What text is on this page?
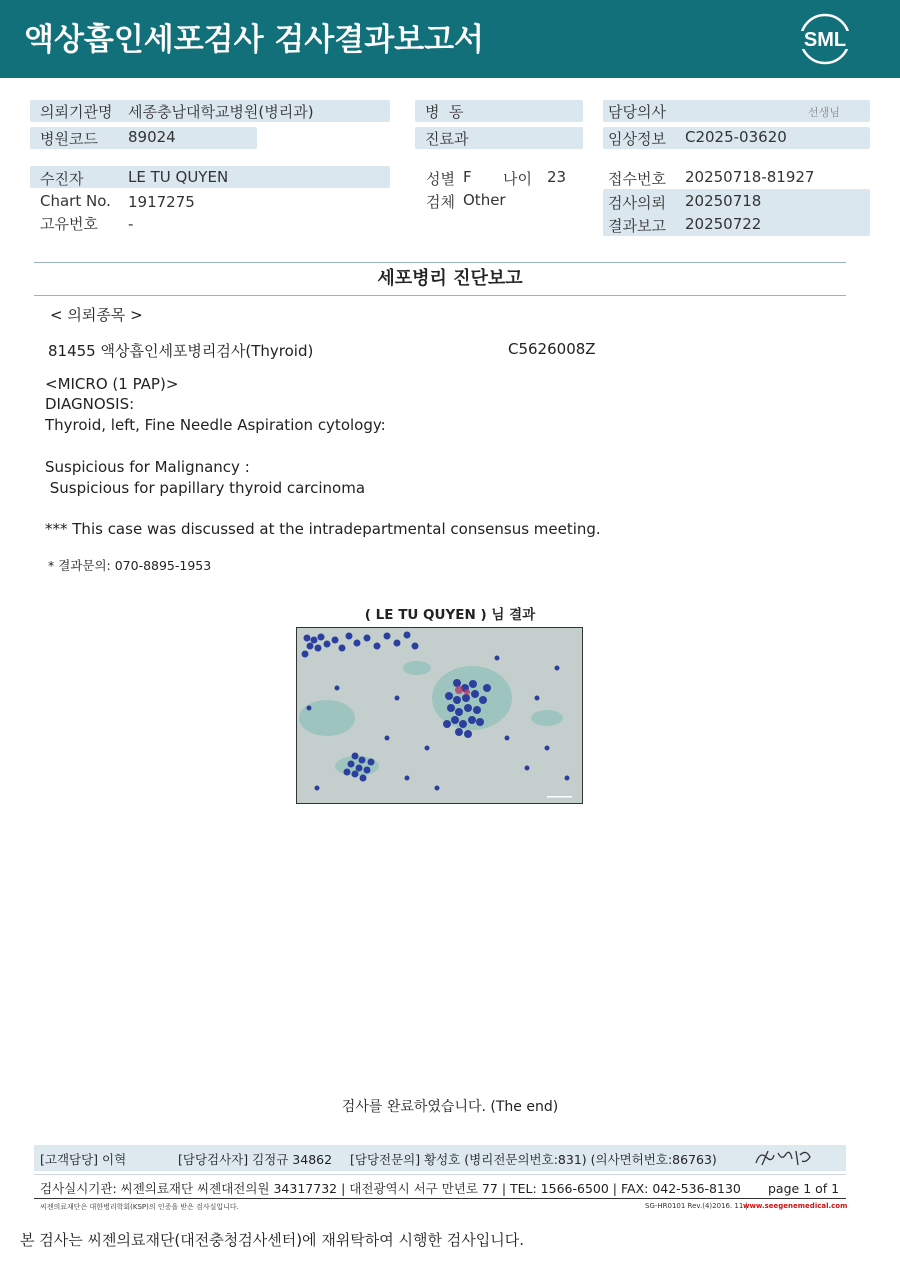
액상흡인세포검사 검사결과보고서	SML
의뢰기관명 세종충남대학교병원(병리과)
병원코드 89024
병  동
진료과
담당의사	선생님
임상정보 C2025-03620
수진자	LE TU QUYEN
Chart No. 1917275
고유번호 -
성별 F 나이 23
검체 Other
접수번호 20250718-81927
검사의뢰 20250718
결과보고 20250722
세포병리 진단보고
< 의뢰종목 >
81455 액상흡인세포병리검사(Thyroid)	C5626008Z
<MICRO (1 PAP)>
DIAGNOSIS:
Thyroid, left, Fine Needle Aspiration cytology:
Suspicious for Malignancy :
Suspicious for papillary thyroid carcinoma
*** This case was discussed at the intradepartmental consensus meeting.
* 결과문의: 070-8895-1953
( LE TU QUYEN ) 님 결과
검사를 완료하였습니다. (The end)
[고객담당] 이혁	[담당검사자] 김정규 34862 [담당전문의] 황성호 (병리전문의번호:831) (의사면허번호:86763)
검사실시기관: 씨젠의료재단 씨젠대전의원 34317732 | 대전광역시 서구 만년로 77 | TEL: 1566-6500 | FAX: 042-536-8130 page 1 of 1
씨젠의료재단은 대한병리학회(KSP)의 인증을 받은 검사실입니다.	SG-HR0101 Rev.(4)2016. 11 |
www.seegenemedical.com
본 검사는 씨젠의료재단(대전충청검사센터)에 재위탁하여 시행한 검사입니다.
